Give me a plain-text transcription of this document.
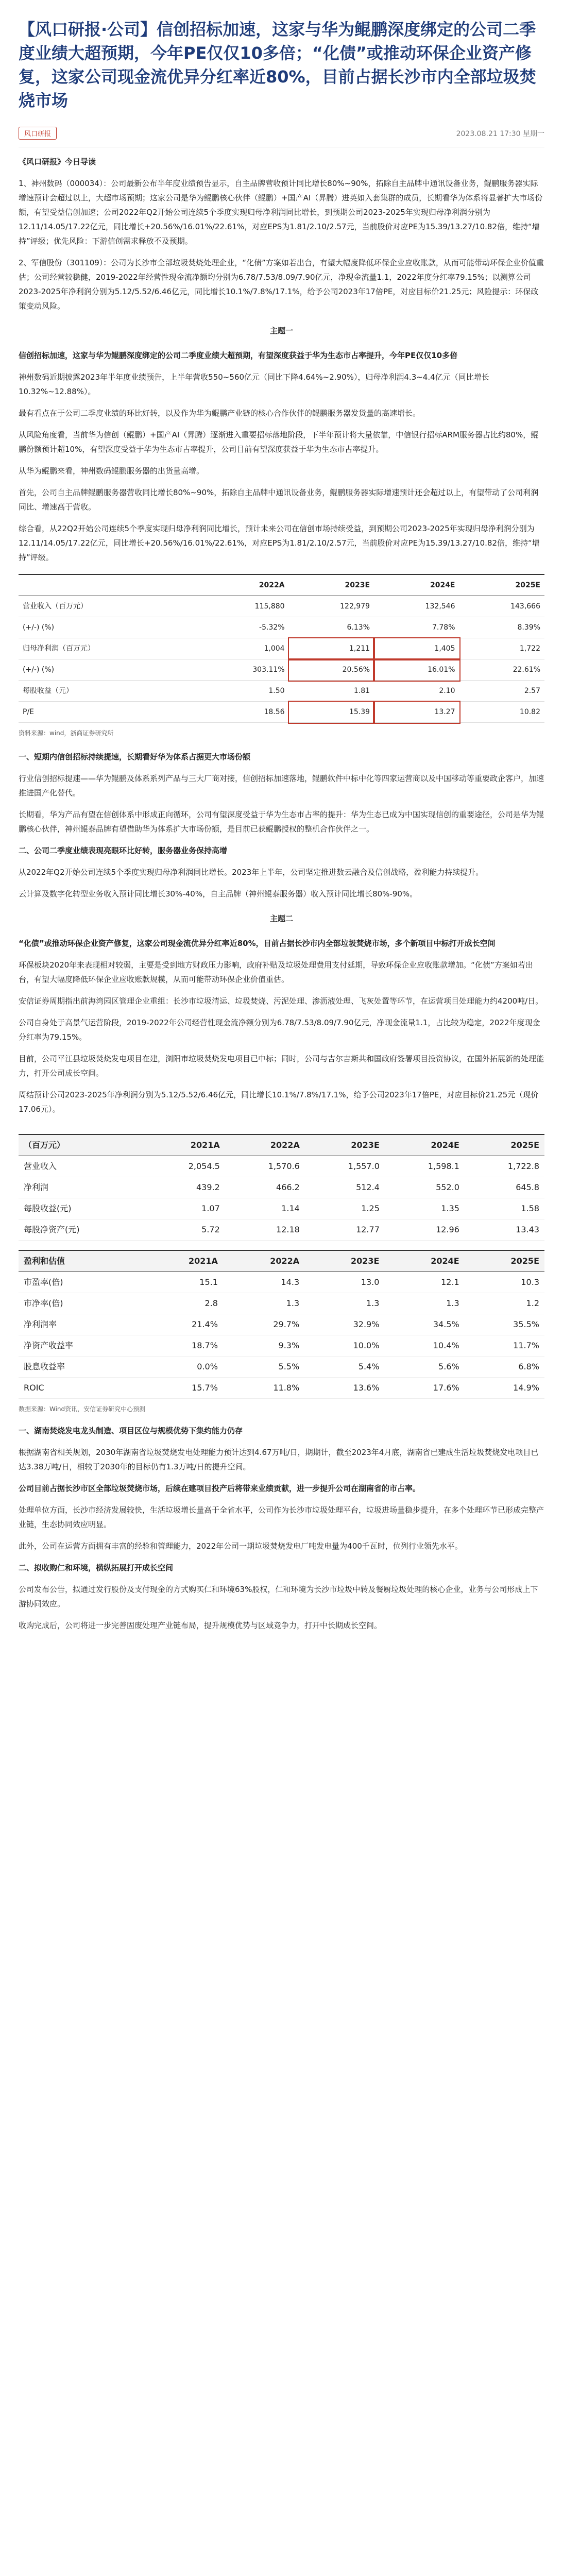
【风口研报·公司】信创招标加速，这家与华为鲲鹏深度绑定的公司二季度业绩大超预期，今年PE仅仅10多倍；“化债”或推动环保企业资产修复，这家公司现金流优异分红率近80%，目前占据长沙市内全部垃圾焚烧市场
风口研报	2023.08.21 17:30 星期一

《风口研报》今日导读

1、神州数码（000034）：公司最新公布半年度业绩预告显示，自主品牌营收预计同比增长80%~90%，拓除自主品牌中通讯设备业务，鲲鹏服务器实际增速预计会超过以上，大超市场预期；这家公司是华为鲲鹏核心伙伴（鲲鹏）+国产AI（昇腾）进英如入套集群的成员，长期看华为体系将显著扩大市场份额，有望受益信创加速；公司2022年Q2开始公司连续5个季度实现归母净利润同比增长，到预期公司2023-2025年实现归母净利润分别为12.11/14.05/17.22亿元，同比增长+20.56%/16.01%/22.61%，对应EPS为1.81/2.10/2.57元，当前股价对应PE为15.39/13.27/10.82倍，维持“增持”评级；优先风险：下游信创需求释放不及预期。

2、军信股份（301109）：公司为长沙市全部垃圾焚烧处理企业，“化债”方案如若出台，有望大幅度降低环保企业应收账款，从而可能带动环保企业价值重估；公司经营较稳健，2019-2022年经营性现金流净额均分别为6.78/7.53/8.09/7.90亿元，净现金流量1.1，2022年度分红率79.15%；以测算公司2023-2025年净利润分别为5.12/5.52/6.46亿元，同比增长10.1%/7.8%/17.1%，给予公司2023年17倍PE，对应目标价21.25元；风险提示：环保政策变动风险。

主题一

信创招标加速，这家与华为鲲鹏深度绑定的公司二季度业绩大超预期，有望深度获益于华为生态市占率提升，今年PE仅仅10多倍

神州数码近期披露2023年半年度业绩预告，上半年营收550~560亿元（同比下降4.64%~2.90%），归母净利润4.3~4.4亿元（同比增长10.32%~12.88%）。

最有看点在于公司二季度业绩的环比好转，以及作为华为鲲鹏产业链的核心合作伙伴的鲲鹏服务器发货量的高速增长。

从风险角度看，当前华为信创（鲲鹏）+国产AI（昇腾）逐渐进入重要招标落地阶段，下半年预计将大量依靠，中信银行招标ARM服务器占比约80%，鲲鹏份额预计超10%，有望深度受益于华为生态市占率提升，公司目前有望深度获益于华为生态市占率提升。

从华为鲲鹏来看，神州数码鲲鹏服务器的出货量高增。

首先，公司自主品牌鲲鹏服务器营收同比增长80%~90%，拓除自主品牌中通讯设备业务，鲲鹏服务器实际增速预计还会超过以上，有望带动了公司利润同比、增速高于营收。

综合看，从22Q2开始公司连续5个季度实现归母净利润同比增长，预计未来公司在信创市场持续受益，到预期公司2023-2025年实现归母净利润分别为12.11/14.05/17.22亿元，同比增长+20.56%/16.01%/22.61%，对应EPS为1.81/2.10/2.57元，当前股价对应PE为15.39/13.27/10.82倍，维持“增持”评级。

	2022A	2023E	2024E	2025E
营业收入（百万元）	115,880	122,979	132,546	143,666
(+/-) (%)	-5.32%	6.13%	7.78%	8.39%
归母净利润（百万元）	1,004	1,211	1,405	1,722
(+/-) (%)	303.11%	20.56%	16.01%	22.61%
每股收益（元）	1.50	1.81	2.10	2.57
P/E	18.56	15.39	13.27	10.82
资料来源：wind，浙商证券研究所

一、短期内信创招标持续提速，长期看好华为体系占据更大市场份额

行业信创招标提速——华为鲲鹏及体系系列产品与三大厂商对接，信创招标加速落地，鲲鹏软件中标中化等四家运营商以及中国移动等重要政企客户，加速推进国产化替代。

长期看，华为产品有望在信创体系中形成正向循环，公司有望深度受益于华为生态市占率的提升：华为生态已成为中国实现信创的重要途径，公司是华为鲲鹏核心伙伴，神州鲲泰品牌有望借助华为体系扩大市场份额，是目前已获鲲鹏授权的整机合作伙伴之一。

二、公司二季度业绩表现亮眼环比好转，服务器业务保持高增

从2022年Q2开始公司连续5个季度实现归母净利润同比增长。2023年上半年，公司坚定推进数云融合及信创战略，盈利能力持续提升。

云计算及数字化转型业务收入预计同比增长30%-40%，自主品牌（神州鲲泰服务器）收入预计同比增长80%-90%。

主题二

“化债”或推动环保企业资产修复，这家公司现金流优异分红率近80%，目前占据长沙市内全部垃圾焚烧市场，多个新项目中标打开成长空间

环保板块2020年来表现相对较弱，主要是受到地方财政压力影响，政府补贴及垃圾处理费用支付延期，导致环保企业应收账款增加。“化债”方案如若出台，有望大幅度降低环保企业应收账款规模，从而可能带动环保企业价值重估。

安信证券周期指出前海湾园区管理企业重组：长沙市垃圾清运、垃圾焚烧、污泥处理、渗沥液处理、飞灰处置等环节，在运营项目处理能力约4200吨/日。

公司自身处于高景气运营阶段，2019-2022年公司经营性现金流净额分别为6.78/7.53/8.09/7.90亿元，净现金流量1.1，占比较为稳定，2022年度现金分红率为79.15%。

目前，公司平江县垃圾焚烧发电项目在建，浏阳市垃圾焚烧发电项目已中标；同时，公司与吉尔吉斯共和国政府签署项目投资协议，在国外拓展新的处理能力，打开公司成长空间。

周结预计公司2023-2025年净利润分别为5.12/5.52/6.46亿元，同比增长10.1%/7.8%/17.1%，给予公司2023年17倍PE，对应目标价21.25元（现价17.06元）。

（百万元）	2021A	2022A	2023E	2024E	2025E
营业收入	2,054.5	1,570.6	1,557.0	1,598.1	1,722.8
净利润	439.2	466.2	512.4	552.0	645.8
每股收益(元)	1.07	1.14	1.25	1.35	1.58
每股净资产(元)	5.72	12.18	12.77	12.96	13.43
盈利和估值	2021A	2022A	2023E	2024E	2025E
市盈率(倍)	15.1	14.3	13.0	12.1	10.3
市净率(倍)	2.8	1.3	1.3	1.3	1.2
净利润率	21.4%	29.7%	32.9%	34.5%	35.5%
净资产收益率	18.7%	9.3%	10.0%	10.4%	11.7%
股息收益率	0.0%	5.5%	5.4%	5.6%	6.8%
ROIC	15.7%	11.8%	13.6%	17.6%	14.9%
数据来源：Wind资讯，安信证券研究中心预测

一、湖南焚烧发电龙头制造、项目区位与规模优势下集约能力仍存

根据湖南省相关规划，2030年湖南省垃圾焚烧发电处理能力预计达到4.67万吨/日，期期计，截至2023年4月底，湖南省已建成生活垃圾焚烧发电项目已达3.38万吨/日，相较于2030年的目标仍有1.3万吨/日的提升空间。

公司目前占据长沙市区全部垃圾焚烧市场，后续在建项目投产后将带来业绩贡献，进一步提升公司在湖南省的市占率。

处理单位方面，长沙市经济发展较快，生活垃圾增长量高于全省水平，公司作为长沙市垃圾处理平台，垃圾进场量稳步提升，在多个处理环节已形成完整产业链，生态协同效应明显。

此外，公司在运营方面拥有丰富的经验和管理能力，2022年公司一期垃圾焚烧发电厂吨发电量为400千瓦时，位列行业领先水平。

二、拟收购仁和环境，横纵拓展打开成长空间

公司发布公告，拟通过发行股份及支付现金的方式购买仁和环境63%股权，仁和环境为长沙市垃圾中转及餐厨垃圾处理的核心企业，业务与公司形成上下游协同效应。

收购完成后，公司将进一步完善固废处理产业链布局，提升规模优势与区域竞争力，打开中长期成长空间。
